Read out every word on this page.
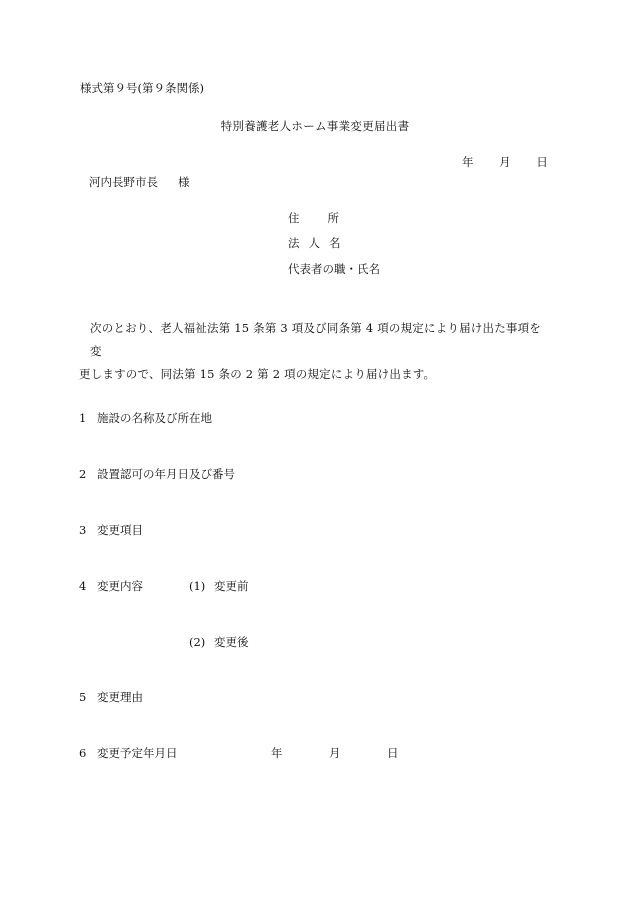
様式第９号(第９条関係)
特別養護老人ホーム事業変更届出書
年 月 日
河内長野市長 様
住 所
法 人 名
代表者の職・氏名
次のとおり、老人福祉法第 15 条第 3 項及び同条第 4 項の規定により届け出た事項を変
更しますので、同法第 15 条の 2 第 2 項の規定により届け出ます。
1 施設の名称及び所在地
2 設置認可の年月日及び番号
3 変更項目
4 変更内容	(1) 変更前
(2) 変更後
5 変更理由
6 変更予定年月日	年	月	日
